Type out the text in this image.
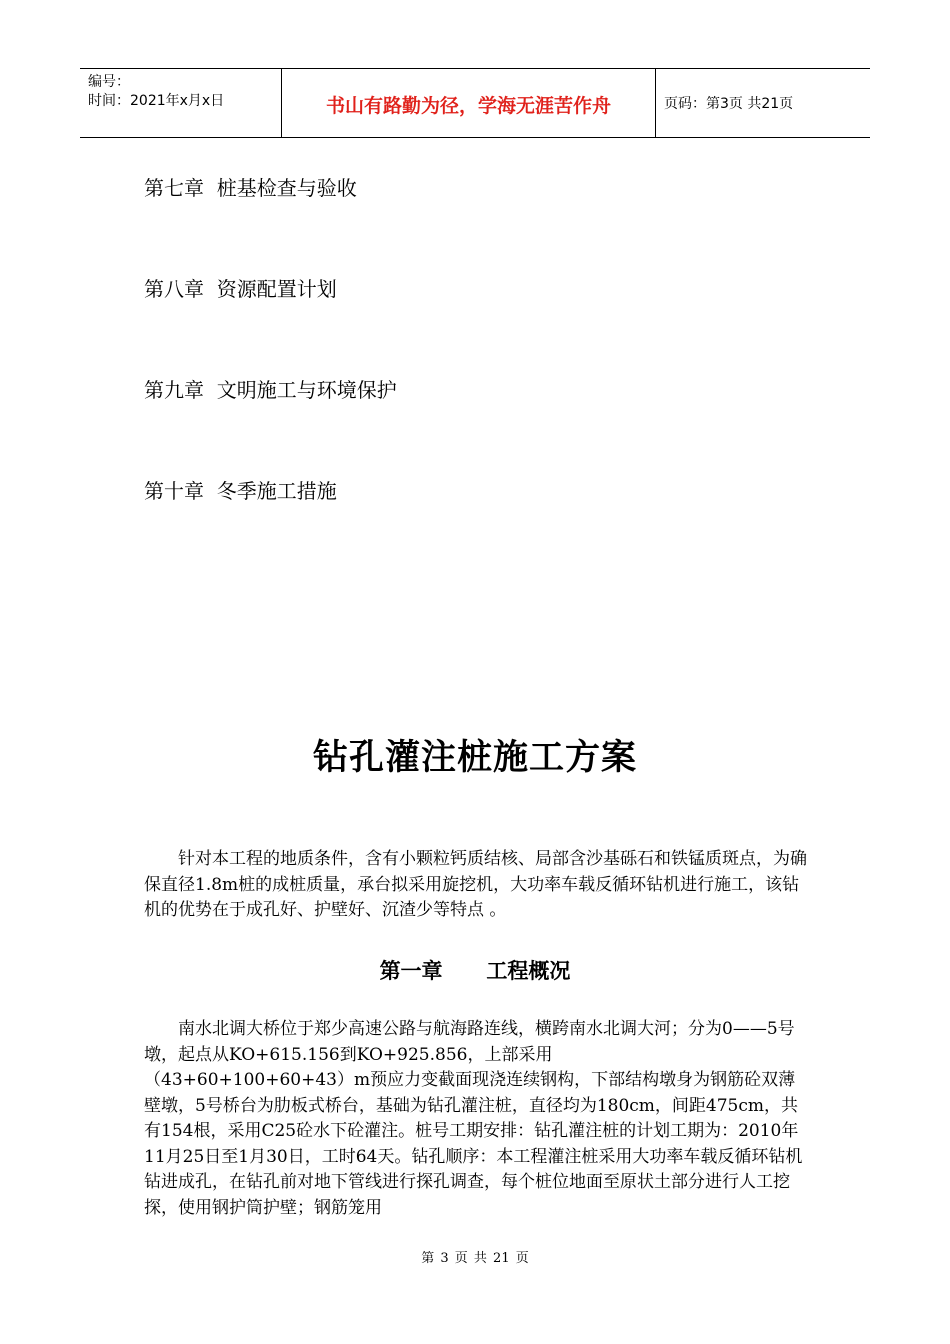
编号：
时间：2021年x月x日	书山有路勤为径，学海无涯苦作舟	页码：第3页 共21页
第七章 桩基检查与验收
第八章 资源配置计划
第九章 文明施工与环境保护
第十章 冬季施工措施
钻孔灌注桩施工方案

针对本工程的地质条件，含有小颗粒钙质结核、局部含沙基砾石和铁锰质斑点，为确保直径1.8m桩的成桩质量，承台拟采用旋挖机，大功率车载反循环钻机进行施工，该钻机的优势在于成孔好、护壁好、沉渣少等特点 。

第一章      工程概况
南水北调大桥位于郑少高速公路与航海路连线，横跨南水北调大河；分为0——5号墩，起点从KO+615.156到KO+925.856，上部采用
（43+60+100+60+43）m预应力变截面现浇连续钢构，下部结构墩身为钢筋砼双薄壁墩，5号桥台为肋板式桥台，基础为钻孔灌注桩，直径均为180cm，间距475cm，共有154根，采用C25砼水下砼灌注。桩号工期安排：钻孔灌注桩的计划工期为：2010年11月25日至1月30日，工时64天。钻孔顺序：本工程灌注桩采用大功率车载反循环钻机钻进成孔，在钻孔前对地下管线进行探孔调查，每个桩位地面至原状土部分进行人工挖探，使用钢护筒护壁；钢筋笼用
第 3 页 共 21 页
